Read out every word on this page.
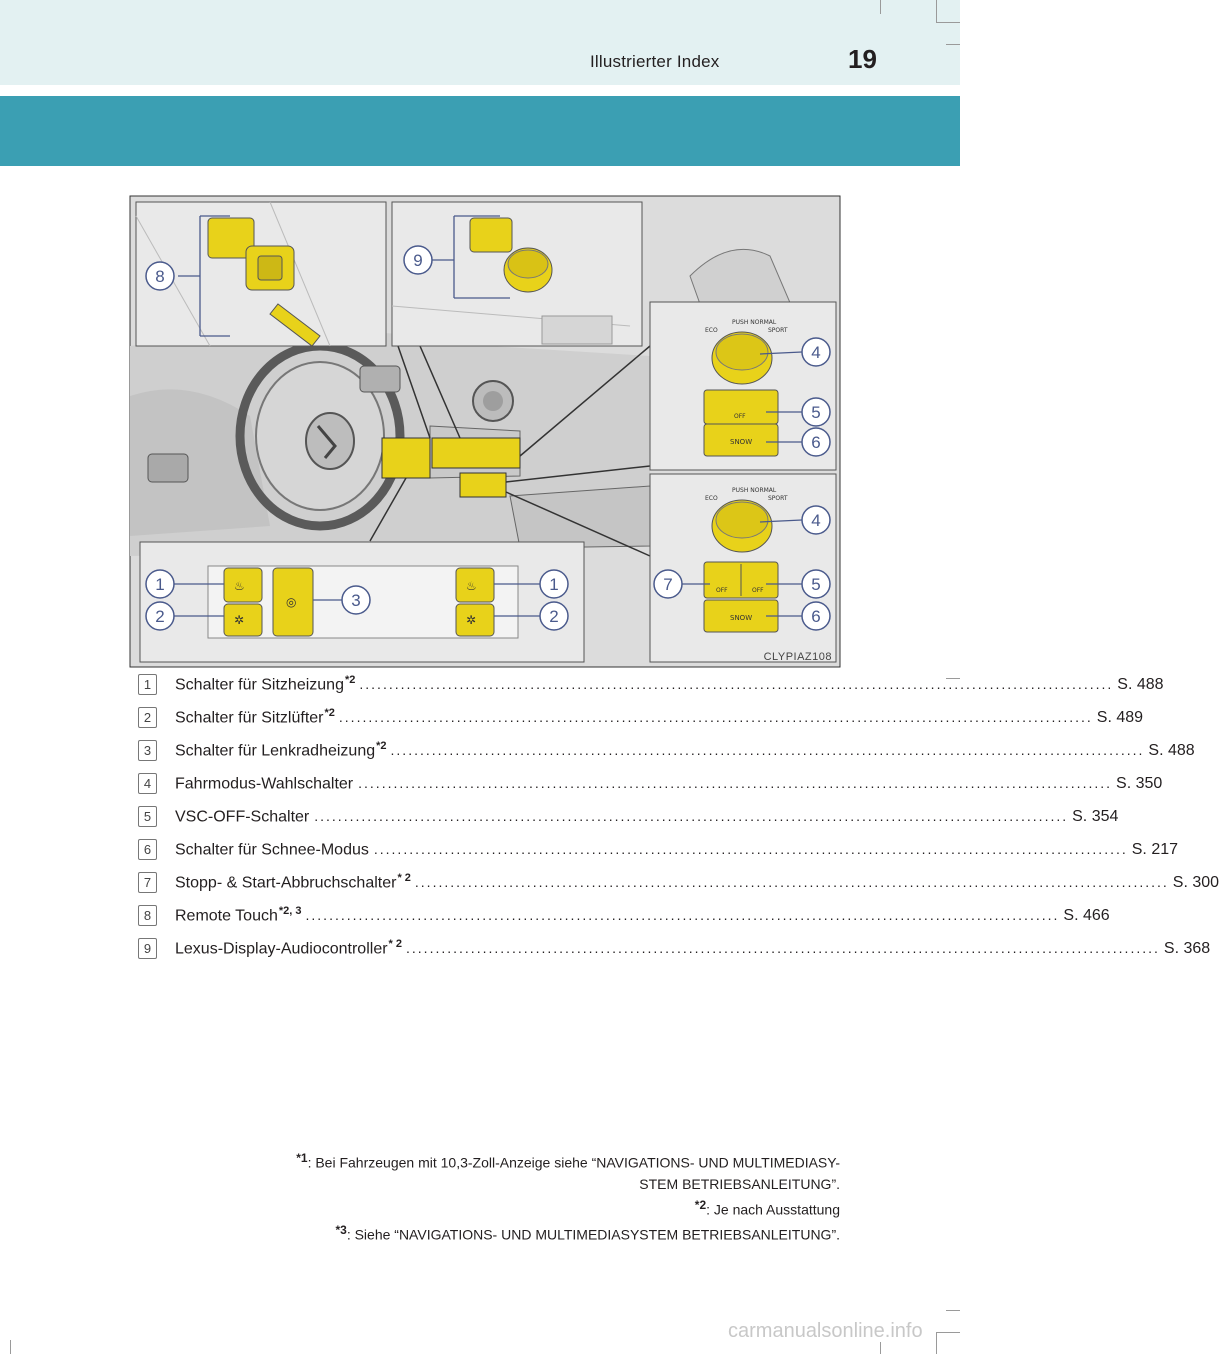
Illustrierter Index	19
♨
✲
◎
♨
✲
ECO
PUSH NORMAL
SPORT
OFF
SNOW
ECO
PUSH NORMAL
SPORT
OFF	OFF
SNOW
8
9
1
2
3
1
2
4
5
6
4
7	5
6
CLYPIAZ108
1	Schalter für Sitzheizung$^{*2}$ .....	S. 488
2	Schalter für Sitzlüfter$^{*2}$ .....	S. 489
3	Schalter für Lenkradheizung$^{*2}$ .....	S. 488
4	Fahrmodus-Wahlschalter .....	S. 350
5	VSC-OFF-Schalter .....	S. 354
6	Schalter für Schnee-Modus .....	S. 217
7	Stopp- & Start-Abbruchschalter$^{* 2}$ .....	S. 300
8	Remote Touch$^{*2, 3}$ .....	S. 466
9	Lexus-Display-Audiocontroller$^{* 2}$ .....	S. 368
$^{*1}$: Bei Fahrzeugen mit 10,3-Zoll-Anzeige siehe “NAVIGATIONS- UND MULTIMEDIASY-
STEM BETRIEBSANLEITUNG”.
$^{*2}$: Je nach Ausstattung
$^{*3}$: Siehe “NAVIGATIONS- UND MULTIMEDIASYSTEM BETRIEBSANLEITUNG”.
carmanualsonline.info
